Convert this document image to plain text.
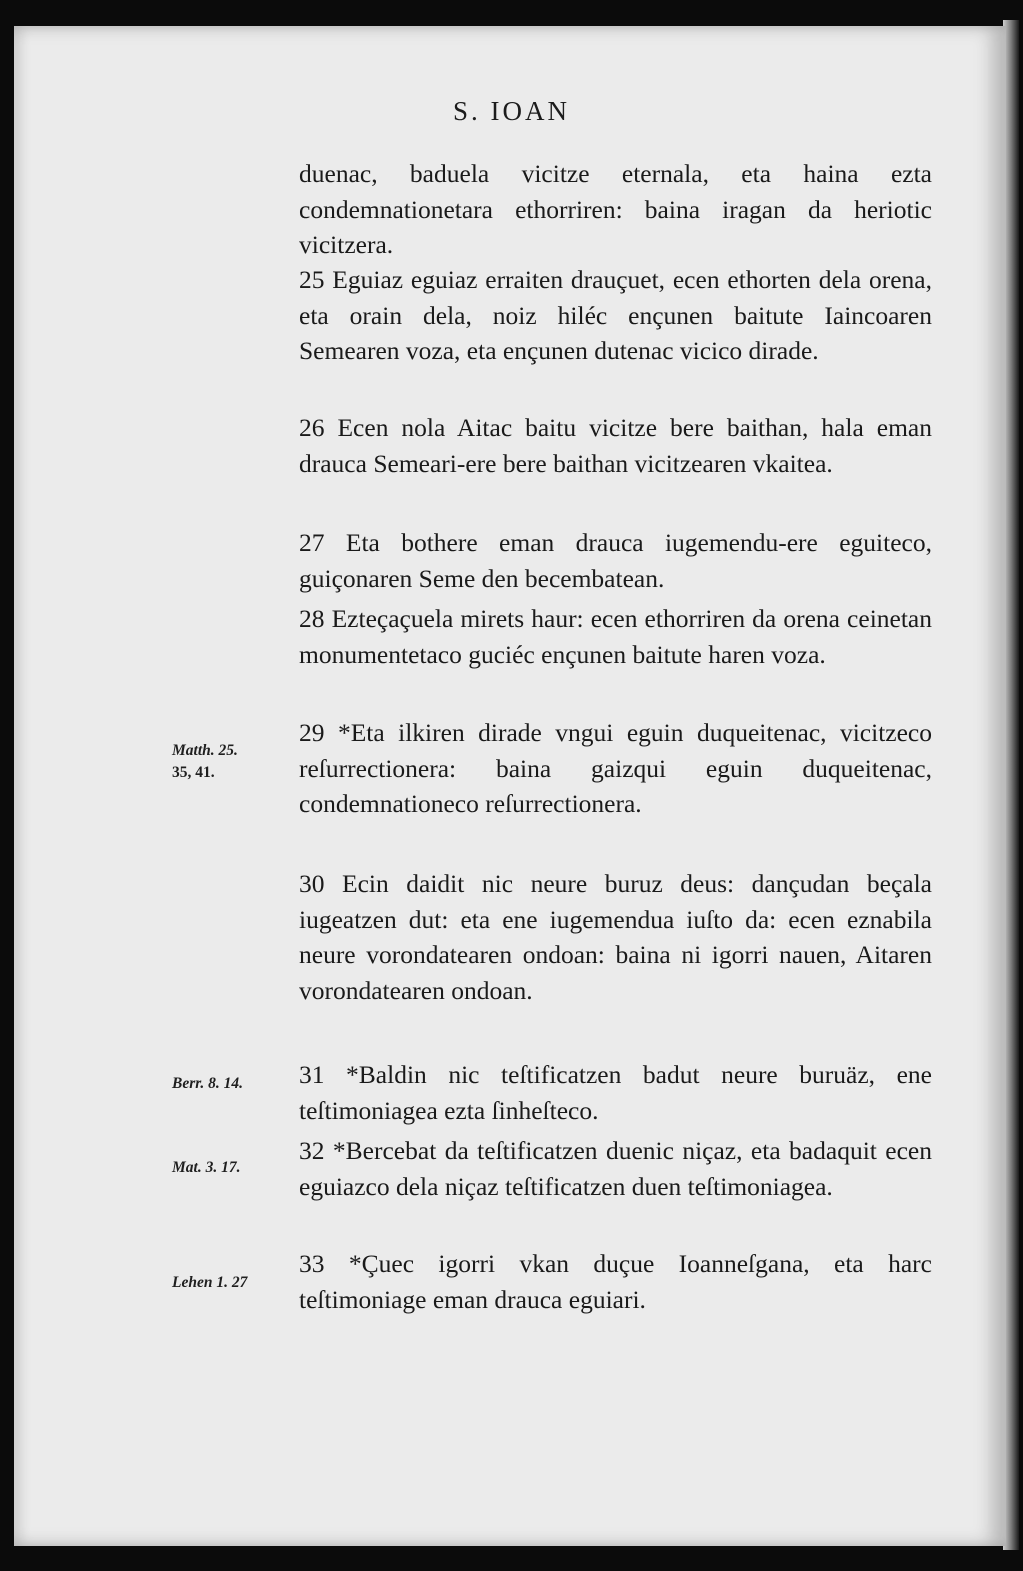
S. IOAN

duenac, baduela vicitze eternala, eta haina ezta condemnationetara ethorriren: baina iragan da heriotic vicitzera.

25 Eguiaz eguiaz erraiten drauçuet, ecen ethorten dela orena, eta orain dela, noiz hiléc ençunen baitute Iaincoaren Semearen voza, eta ençunen dutenac vicico dirade.

26 Ecen nola Aitac baitu vicitze bere baithan, hala eman drauca Semeari-ere bere baithan vicitzearen vkaitea.

27 Eta bothere eman drauca iugemendu-ere eguiteco, guiçonaren Seme den becembatean.

28 Ezteçaçuela mirets haur: ecen ethorriren da orena ceinetan monumentetaco guciéc ençunen baitute haren voza.

29 *Eta ilkiren dirade vngui eguin duqueitenac, vicitzeco reſurrectionera: baina gaizqui eguin duqueitenac, condemnationeco reſurrectionera.

30 Ecin daidit nic neure buruz deus: dançudan beçala iugeatzen dut: eta ene iugemendua iuſto da: ecen eznabila neure vorondatearen ondoan: baina ni igorri nauen, Aitaren vorondatearen ondoan.

31 *Baldin nic teſtificatzen badut neure buruäz, ene teſtimoniagea ezta ſinheſteco.

32 *Bercebat da teſtificatzen duenic niçaz, eta badaquit ecen eguiazco dela niçaz teſtificatzen duen teſtimoniagea.

33 *Çuec igorri vkan duçue Ioanneſgana, eta harc teſtimoniage eman drauca eguiari.

Matth. 25.
35, 41.
Berr. 8. 14.
Mat. 3. 17.
Lehen 1. 27
